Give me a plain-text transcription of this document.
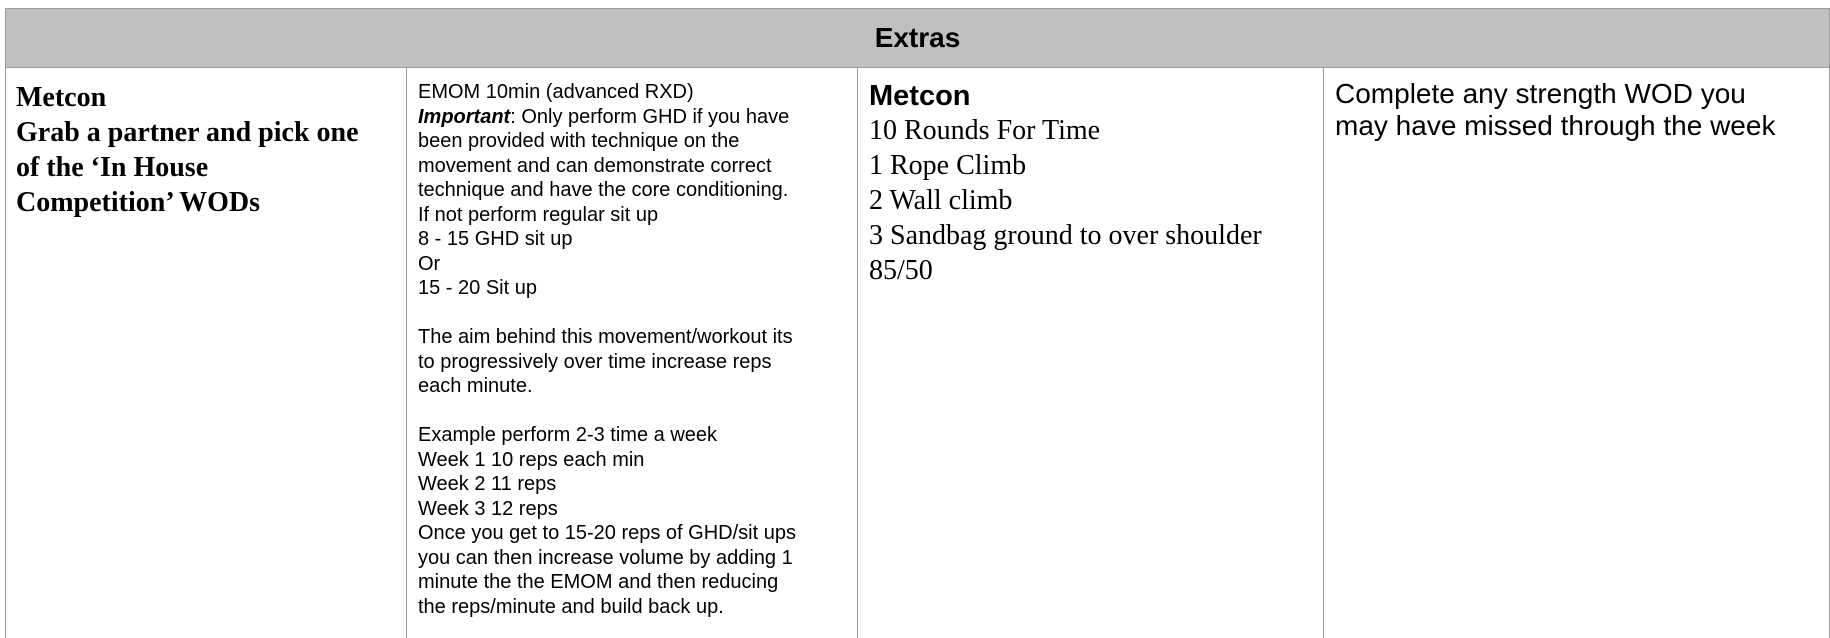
Extras
Metcon
Grab a partner and pick one
of the ‘In House
Competition’ WODs
EMOM 10min (advanced RXD)
Important: Only perform GHD if you have
been provided with technique on the
movement and can demonstrate correct
technique and have the core conditioning.
If not perform regular sit up
8 - 15 GHD sit up
Or
15 - 20 Sit up
The aim behind this movement/workout its
to progressively over time increase reps
each minute.
Example perform 2-3 time a week
Week 1 10 reps each min
Week 2 11 reps
Week 3 12 reps
Once you get to 15-20 reps of GHD/sit ups
you can then increase volume by adding 1
minute the the EMOM and then reducing
the reps/minute and build back up.
Metcon
10 Rounds For Time
1 Rope Climb
2 Wall climb
3 Sandbag ground to over shoulder
85/50
Complete any strength WOD you
may have missed through the week
